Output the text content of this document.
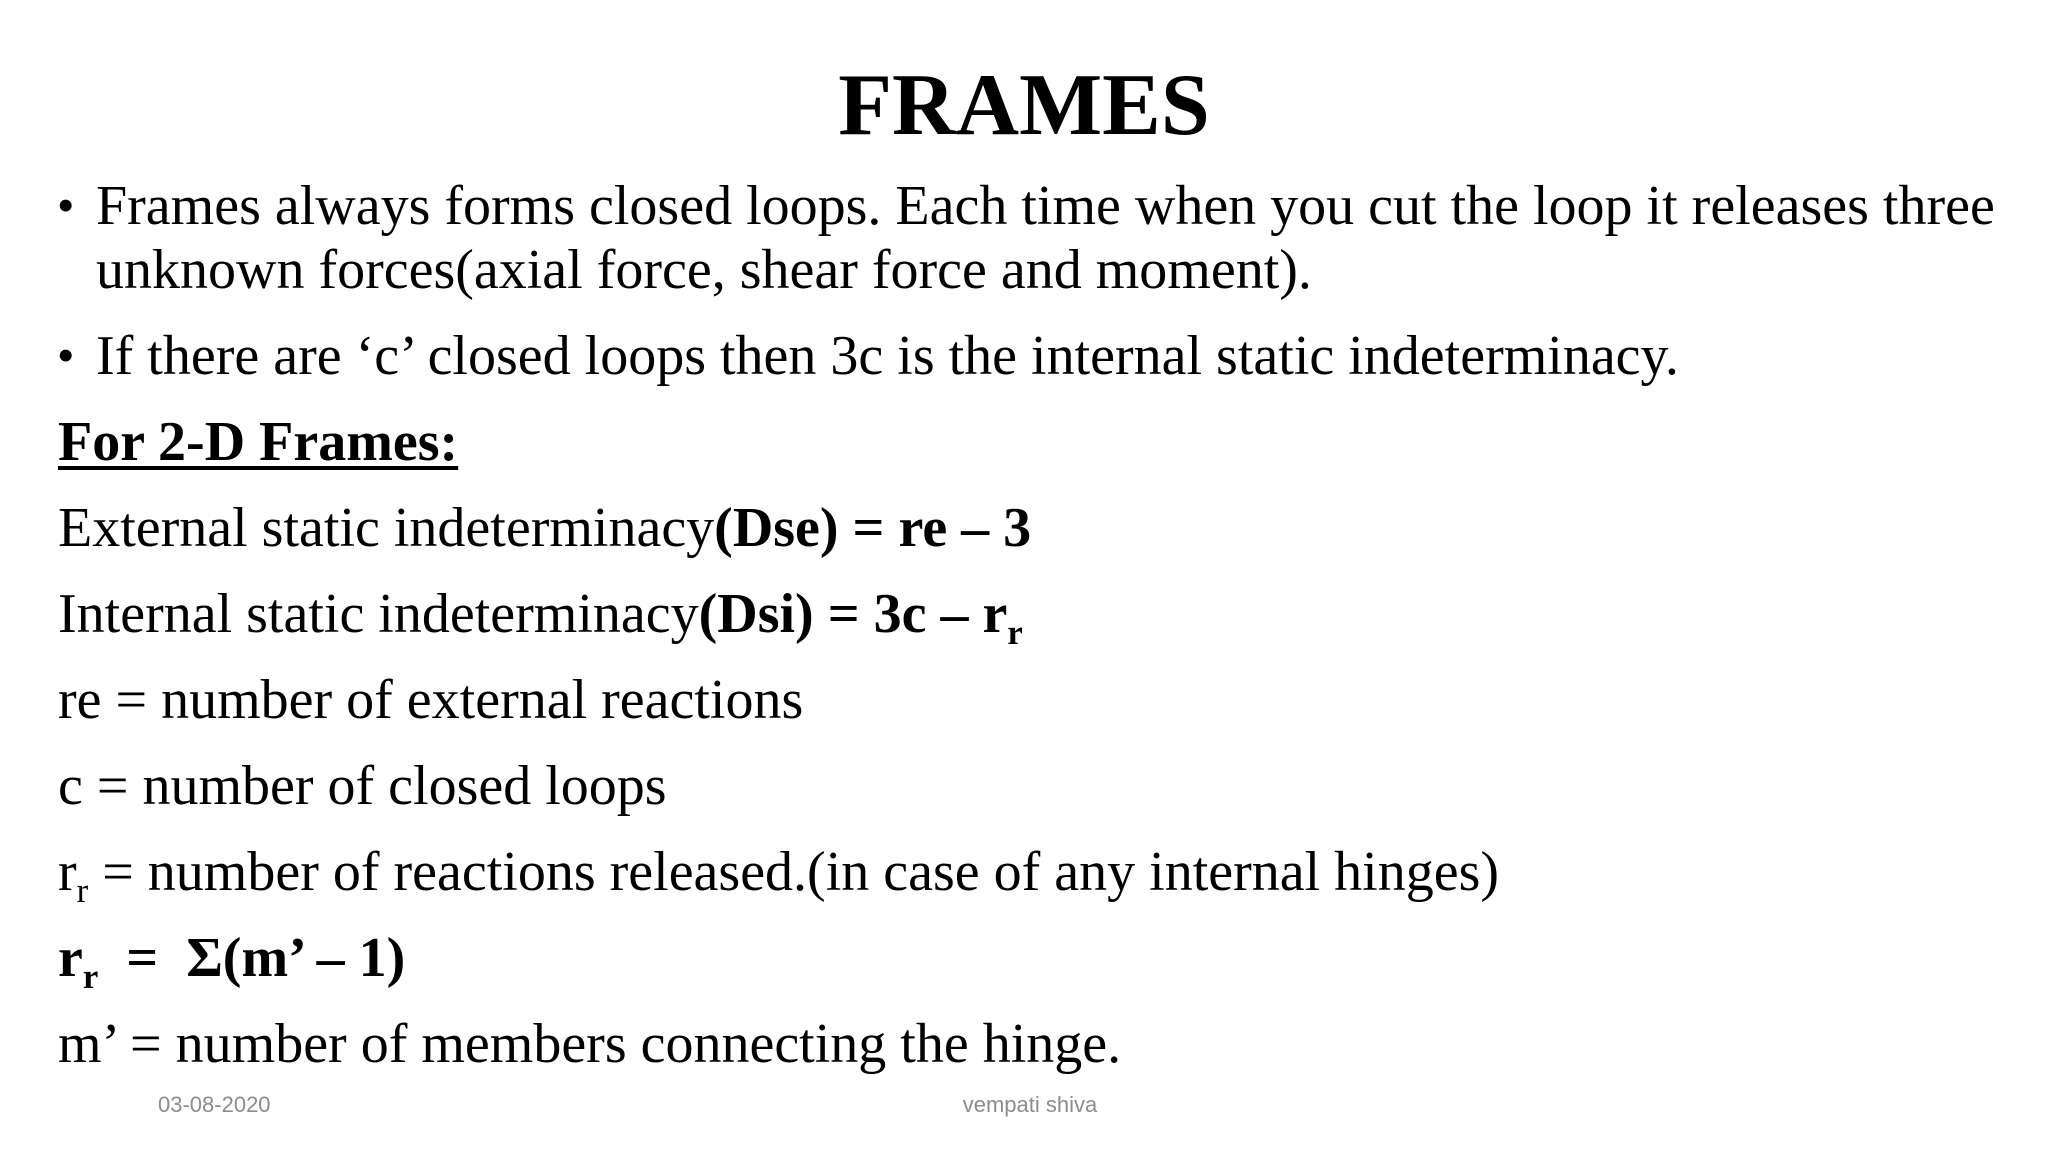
FRAMES
• Frames always forms closed loops. Each time when you cut the loop it releases three unknown forces(axial force, shear force and moment).
• If there are ‘c’ closed loops then 3c is the internal static indeterminacy.
For 2-D Frames:
External static indeterminacy(Dse) = re – 3
Internal static indeterminacy(Dsi) = $3c - r_r$
re = number of external reactions
c = number of closed loops
$r_r$ = number of reactions released.(in case of any internal hinges)
$r_r = \Sigma(m$’ – 1)
m’ = number of members connecting the hinge.
03-08-2020	vempati shiva
